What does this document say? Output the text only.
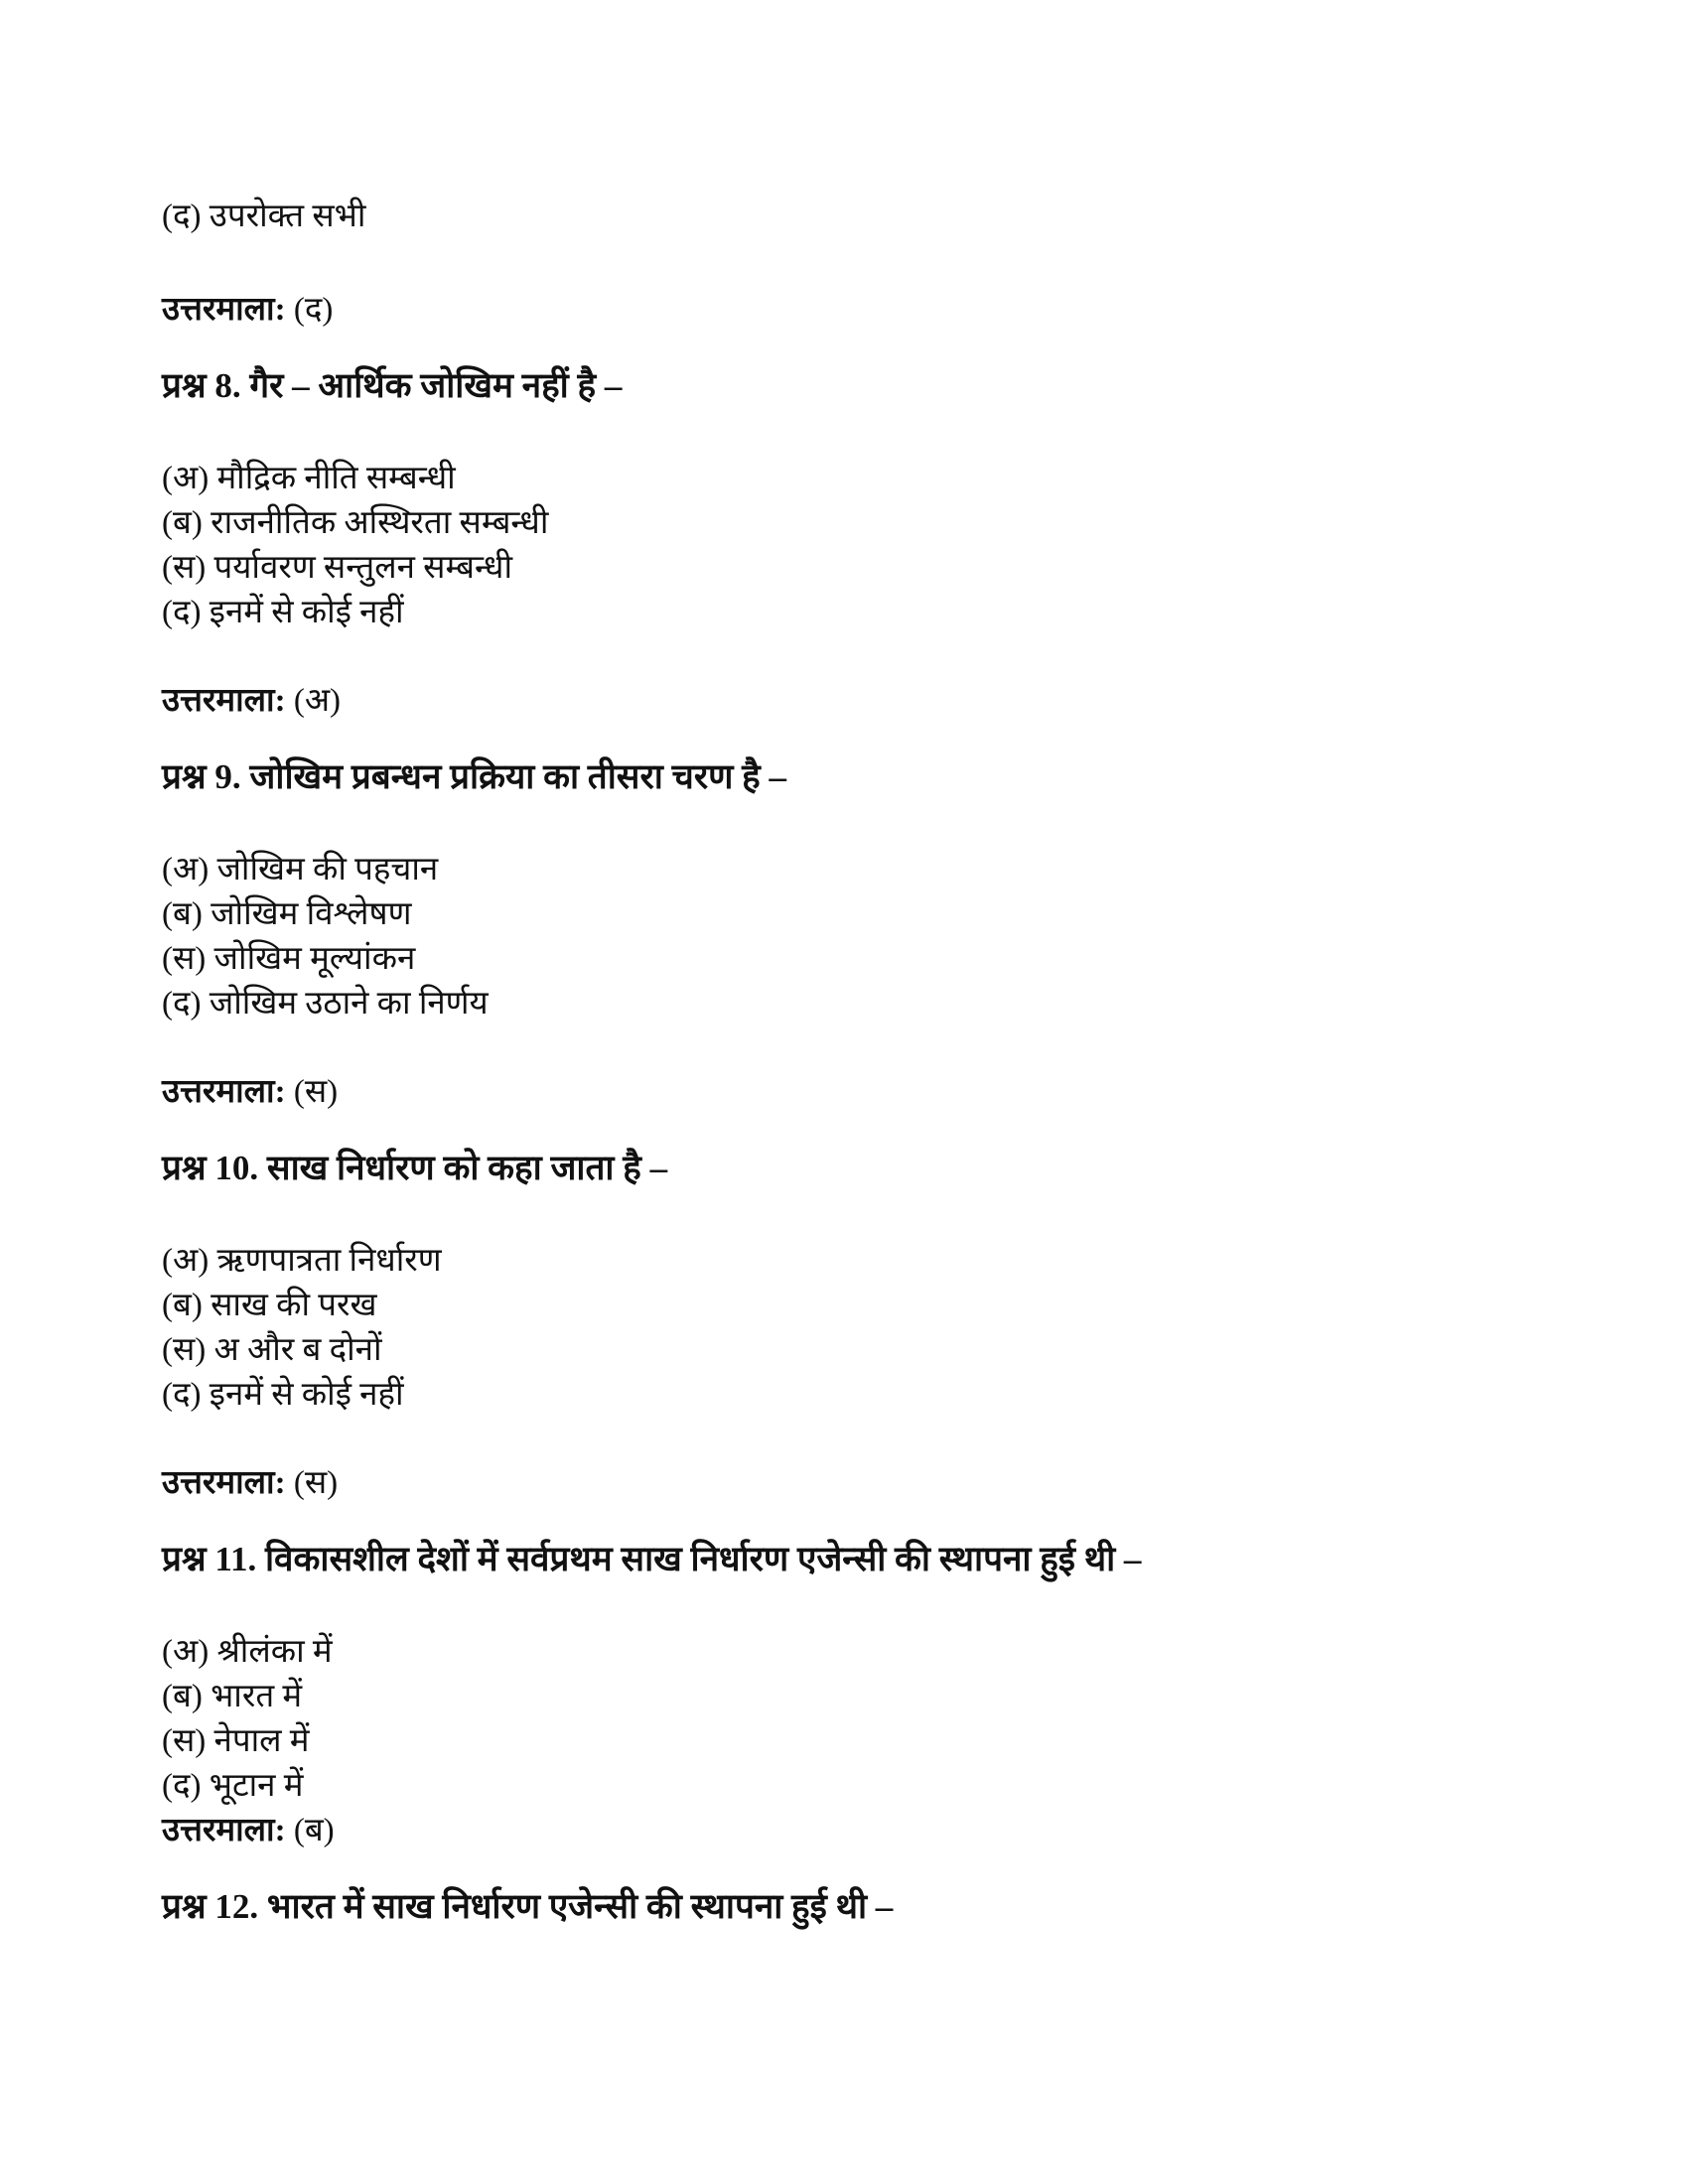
(द) उपरोक्त सभी
उत्तरमाला: (द)
प्रश्न 8. गैर – आर्थिक जोखिम नहीं है –
(अ) मौद्रिक नीति सम्बन्धी
(ब) राजनीतिक अस्थिरता सम्बन्धी
(स) पर्यावरण सन्तुलन सम्बन्धी
(द) इनमें से कोई नहीं
उत्तरमाला: (अ)
प्रश्न 9. जोखिम प्रबन्धन प्रक्रिया का तीसरा चरण है –
(अ) जोखिम की पहचान
(ब) जोखिम विश्लेषण
(स) जोखिम मूल्यांकन
(द) जोखिम उठाने का निर्णय
उत्तरमाला: (स)
प्रश्न 10. साख निर्धारण को कहा जाता है –
(अ) ऋणपात्रता निर्धारण
(ब) साख की परख
(स) अ और ब दोनों
(द) इनमें से कोई नहीं
उत्तरमाला: (स)
प्रश्न 11. विकासशील देशों में सर्वप्रथम साख निर्धारण एजेन्सी की स्थापना हुई थी –
(अ) श्रीलंका में
(ब) भारत में
(स) नेपाल में
(द) भूटान में
उत्तरमाला: (ब)
प्रश्न 12. भारत में साख निर्धारण एजेन्सी की स्थापना हुई थी –
